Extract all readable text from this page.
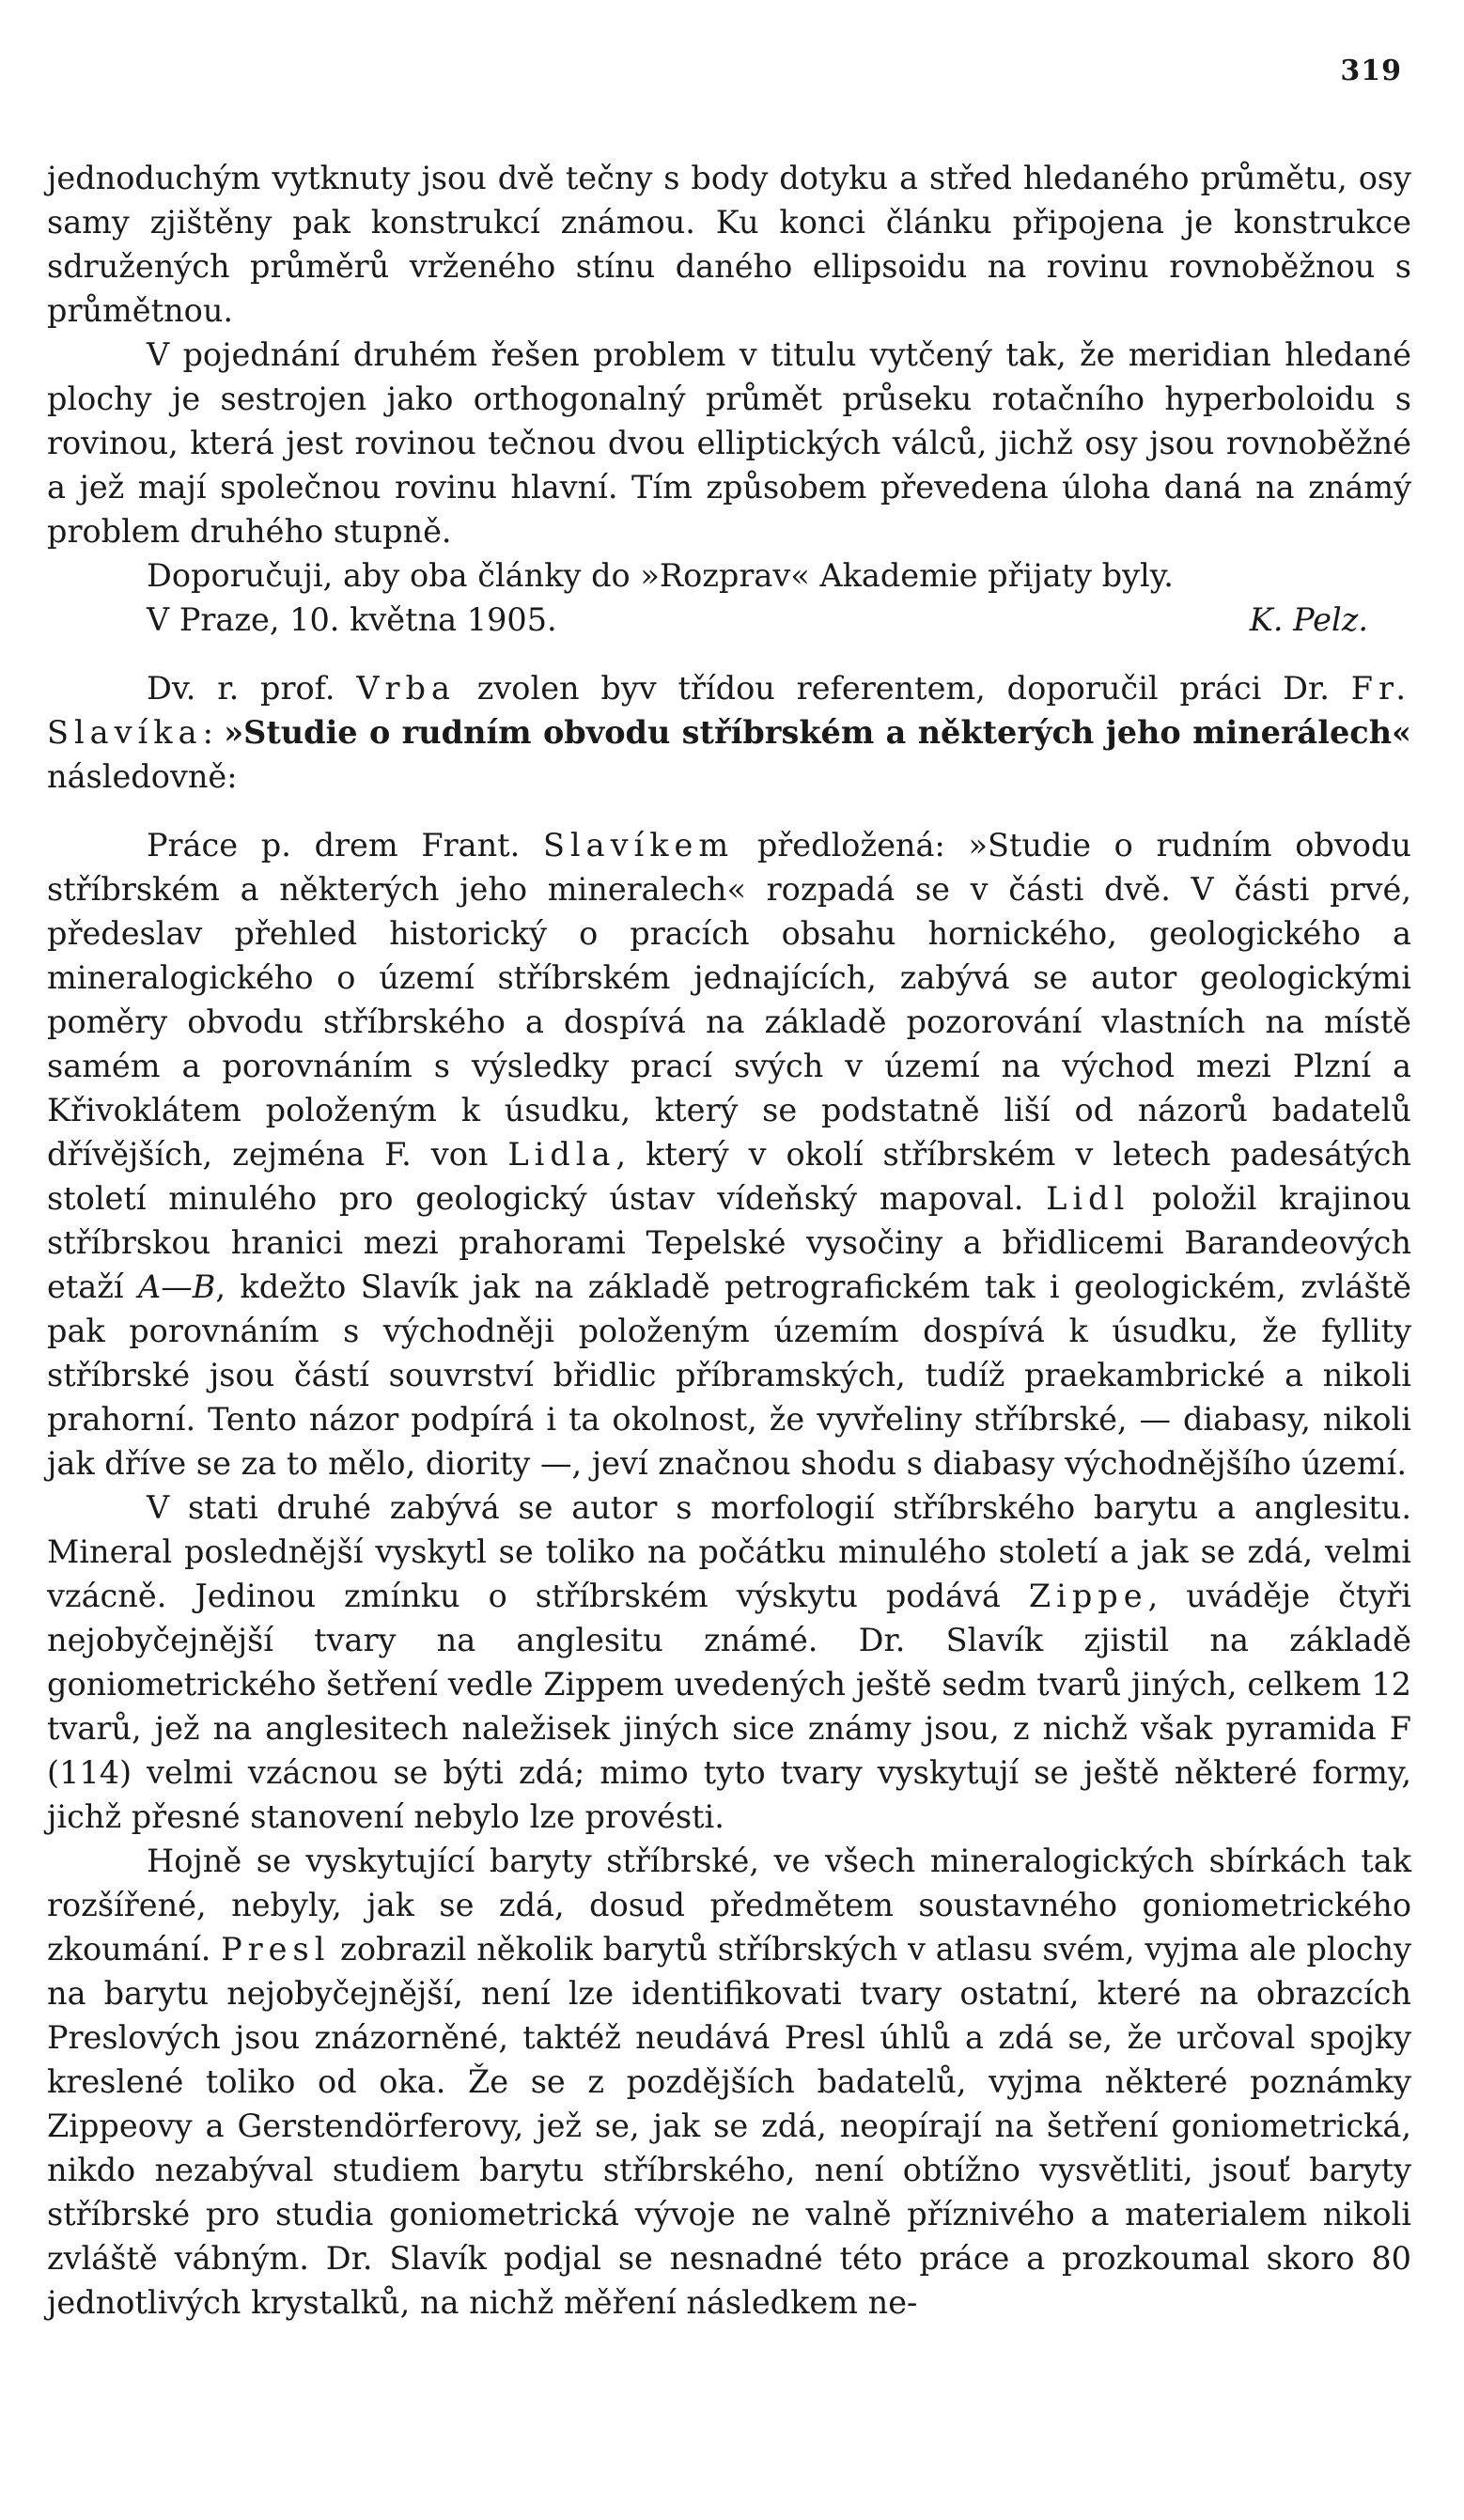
319

jednoduchým vytknuty jsou dvě tečny s body dotyku a střed hledaného průmětu, osy samy zjištěny pak konstrukcí známou. Ku konci článku připojena je konstrukce sdružených průměrů vrženého stínu daného ellipsoidu na rovinu rovnoběžnou s průmětnou.

V pojednání druhém řešen problem v titulu vytčený tak, že meridian hledané plochy je sestrojen jako orthogonalný průmět průseku rotačního hyperboloidu s rovinou, která jest rovinou tečnou dvou elliptických válců, jichž osy jsou rovnoběžné a jež mají společnou rovinu hlavní. Tím způsobem převedena úloha daná na známý problem druhého stupně.

Doporučuji, aby oba články do »Rozprav« Akademie přijaty byly.

V Praze, 10. května 1905.	K. Pelz.

Dv. r. prof. Vrba zvolen byv třídou referentem, doporučil práci Dr. Fr. Slavíka: »Studie o rudním obvodu stříbrském a některých jeho minerálech« následovně:

Práce p. drem Frant. Slavíkem předložená: »Studie o rudním obvodu stříbrském a některých jeho mineralech« rozpadá se v části dvě. V části prvé, předeslav přehled historický o pracích obsahu hornického, geologického a mineralogického o území stříbrském jednajících, zabývá se autor geologickými poměry obvodu stříbrského a dospívá na základě pozorování vlastních na místě samém a porovnáním s výsledky prací svých v území na východ mezi Plzní a Křivoklátem položeným k úsudku, který se podstatně liší od názorů badatelů dřívějších, zejména F. von Lidla, který v okolí stříbrském v letech padesátých století minulého pro geologický ústav vídeňský mapoval. Lidl položil krajinou stříbrskou hranici mezi prahorami Tepelské vysočiny a břidlicemi Barandeových etaží A—B, kdežto Slavík jak na základě petrografickém tak i geologickém, zvláště pak porovnáním s východněji položeným územím dospívá k úsudku, že fyllity stříbrské jsou částí souvrství břidlic příbramských, tudíž praekambrické a nikoli prahorní. Tento názor podpírá i ta okolnost, že vyvřeliny stříbrské, — diabasy, nikoli jak dříve se za to mělo, diority —, jeví značnou shodu s diabasy východnějšího území.

V stati druhé zabývá se autor s morfologií stříbrského barytu a anglesitu. Mineral poslednější vyskytl se toliko na počátku minulého století a jak se zdá, velmi vzácně. Jedinou zmínku o stříbrském výskytu podává Zippe, uváděje čtyři nejobyčejnější tvary na anglesitu známé. Dr. Slavík zjistil na základě goniometrického šetření vedle Zippem uvedených ještě sedm tvarů jiných, celkem 12 tvarů, jež na anglesitech naležisek jiných sice známy jsou, z nichž však pyramida F (114) velmi vzácnou se býti zdá; mimo tyto tvary vyskytují se ještě některé formy, jichž přesné stanovení nebylo lze provésti.

Hojně se vyskytující baryty stříbrské, ve všech mineralogických sbírkách tak rozšířené, nebyly, jak se zdá, dosud předmětem soustavného goniometrického zkoumání. Presl zobrazil několik barytů stříbrských v atlasu svém, vyjma ale plochy na barytu nejobyčejnější, není lze identifikovati tvary ostatní, které na obrazcích Preslových jsou znázorněné, taktéž neudává Presl úhlů a zdá se, že určoval spojky kreslené toliko od oka. Že se z pozdějších badatelů, vyjma některé poznámky Zippeovy a Gerstendörferovy, jež se, jak se zdá, neopírají na šetření goniometrická, nikdo nezabýval studiem barytu stříbrského, není obtížno vysvětliti, jsouť baryty stříbrské pro studia goniometrická vývoje ne valně příznivého a materialem nikoli zvláště vábným. Dr. Slavík podjal se nesnadné této práce a prozkoumal skoro 80 jednotlivých krystalků, na nichž měření následkem ne-
